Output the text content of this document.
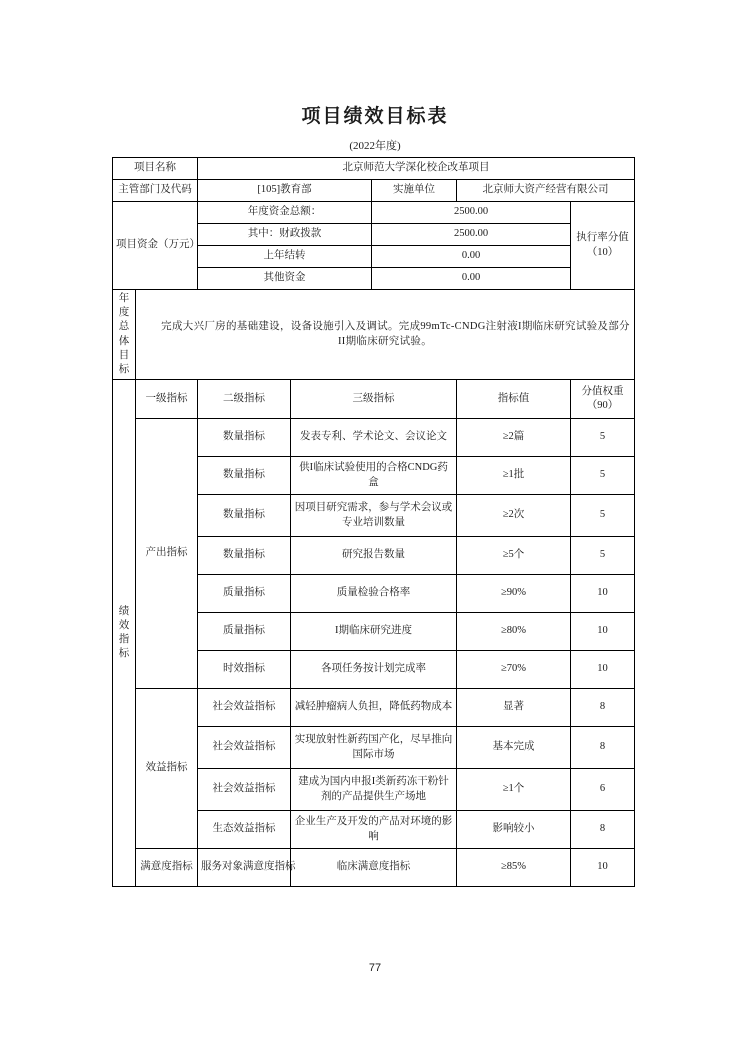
项目绩效目标表
(2022年度)
项目名称		北京师范大学深化校企改革项目				
主管部门及代码		[105]教育部		实施单位	北京师大资产经营有限公司	
项目资金（万元）		年度资金总额：		2500.00		执行率分值（10）
		其中：财政拨款		2500.00		
		上年结转		0.00		
		其他资金		0.00		
年度总体目标	完成大兴厂房的基础建设，设备设施引入及调试。完成99mTc-CNDG注射液I期临床研究试验及部分II期临床研究试验。					
绩效指标	一级指标	二级指标	三级指标		指标值	分值权重（90）
	产出指标	数量指标	发表专利、学术论文、会议论文		≥2篇	5
		数量指标	供I临床试验使用的合格CNDG药盒		≥1批	5
		数量指标	因项目研究需求，参与学术会议或专业培训数量		≥2次	5
		数量指标	研究报告数量		≥5个	5
		质量指标	质量检验合格率		≥90%	10
		质量指标	I期临床研究进度		≥80%	10
		时效指标	各项任务按计划完成率		≥70%	10
	效益指标	社会效益指标	减轻肿瘤病人负担，降低药物成本		显著	8
		社会效益指标	实现放射性新药国产化，尽早推向国际市场		基本完成	8
		社会效益指标	建成为国内申报I类新药冻干粉针剂的产品提供生产场地		≥1个	6
		生态效益指标	企业生产及开发的产品对环境的影响		影响较小	8
	满意度指标	服务对象满意度指标	临床满意度指标		≥85%	10
77
